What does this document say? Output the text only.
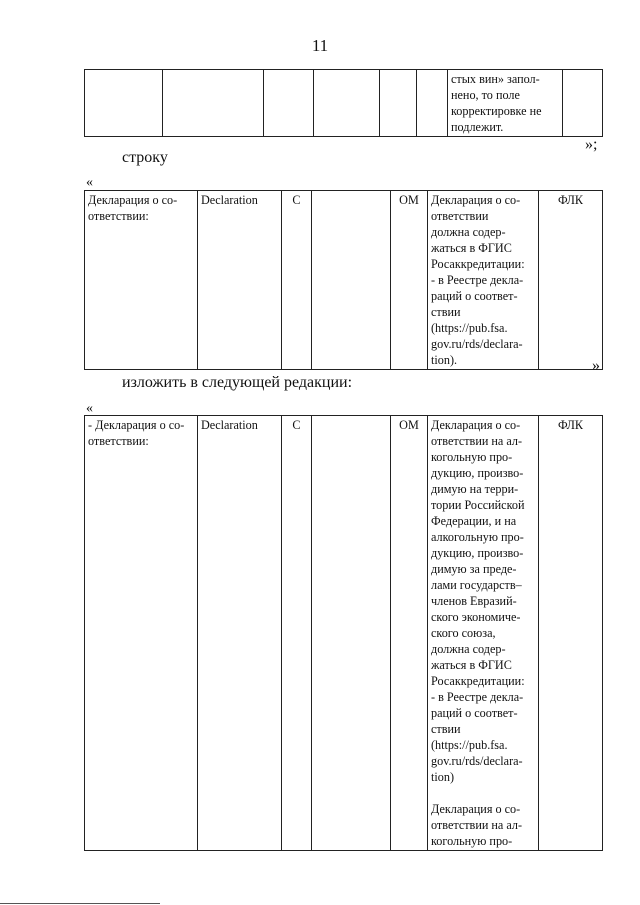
11
						стых вин» запол-
нено, то поле
корректировке не
подлежит.	
»;
строку
«
Декларация о со-
ответствии:	Declaration	С		ОМ	Декларация о со-
ответствии
должна содер-
жаться в ФГИС
Росаккредитации:
- в Реестре декла-
раций о соответ-
ствии
(https://pub.fsa.
gov.ru/rds/declara-
tion).	ФЛК
»
изложить в следующей редакции:
«
- Декларация о со-
ответствии:	Declaration	С		ОМ	Декларация о со-
ответствии на ал-
когольную про-
дукцию, произво-
димую на терри-
тории Российской
Федерации, и на
алкогольную про-
дукцию, произво-
димую за преде-
лами государств–
членов Евразий-
ского экономиче-
ского союза,
должна содер-
жаться в ФГИС
Росаккредитации:
- в Реестре декла-
раций о соответ-
ствии
(https://pub.fsa.
gov.ru/rds/declara-
tion)

Декларация о со-
ответствии на ал-
когольную про-	ФЛК
